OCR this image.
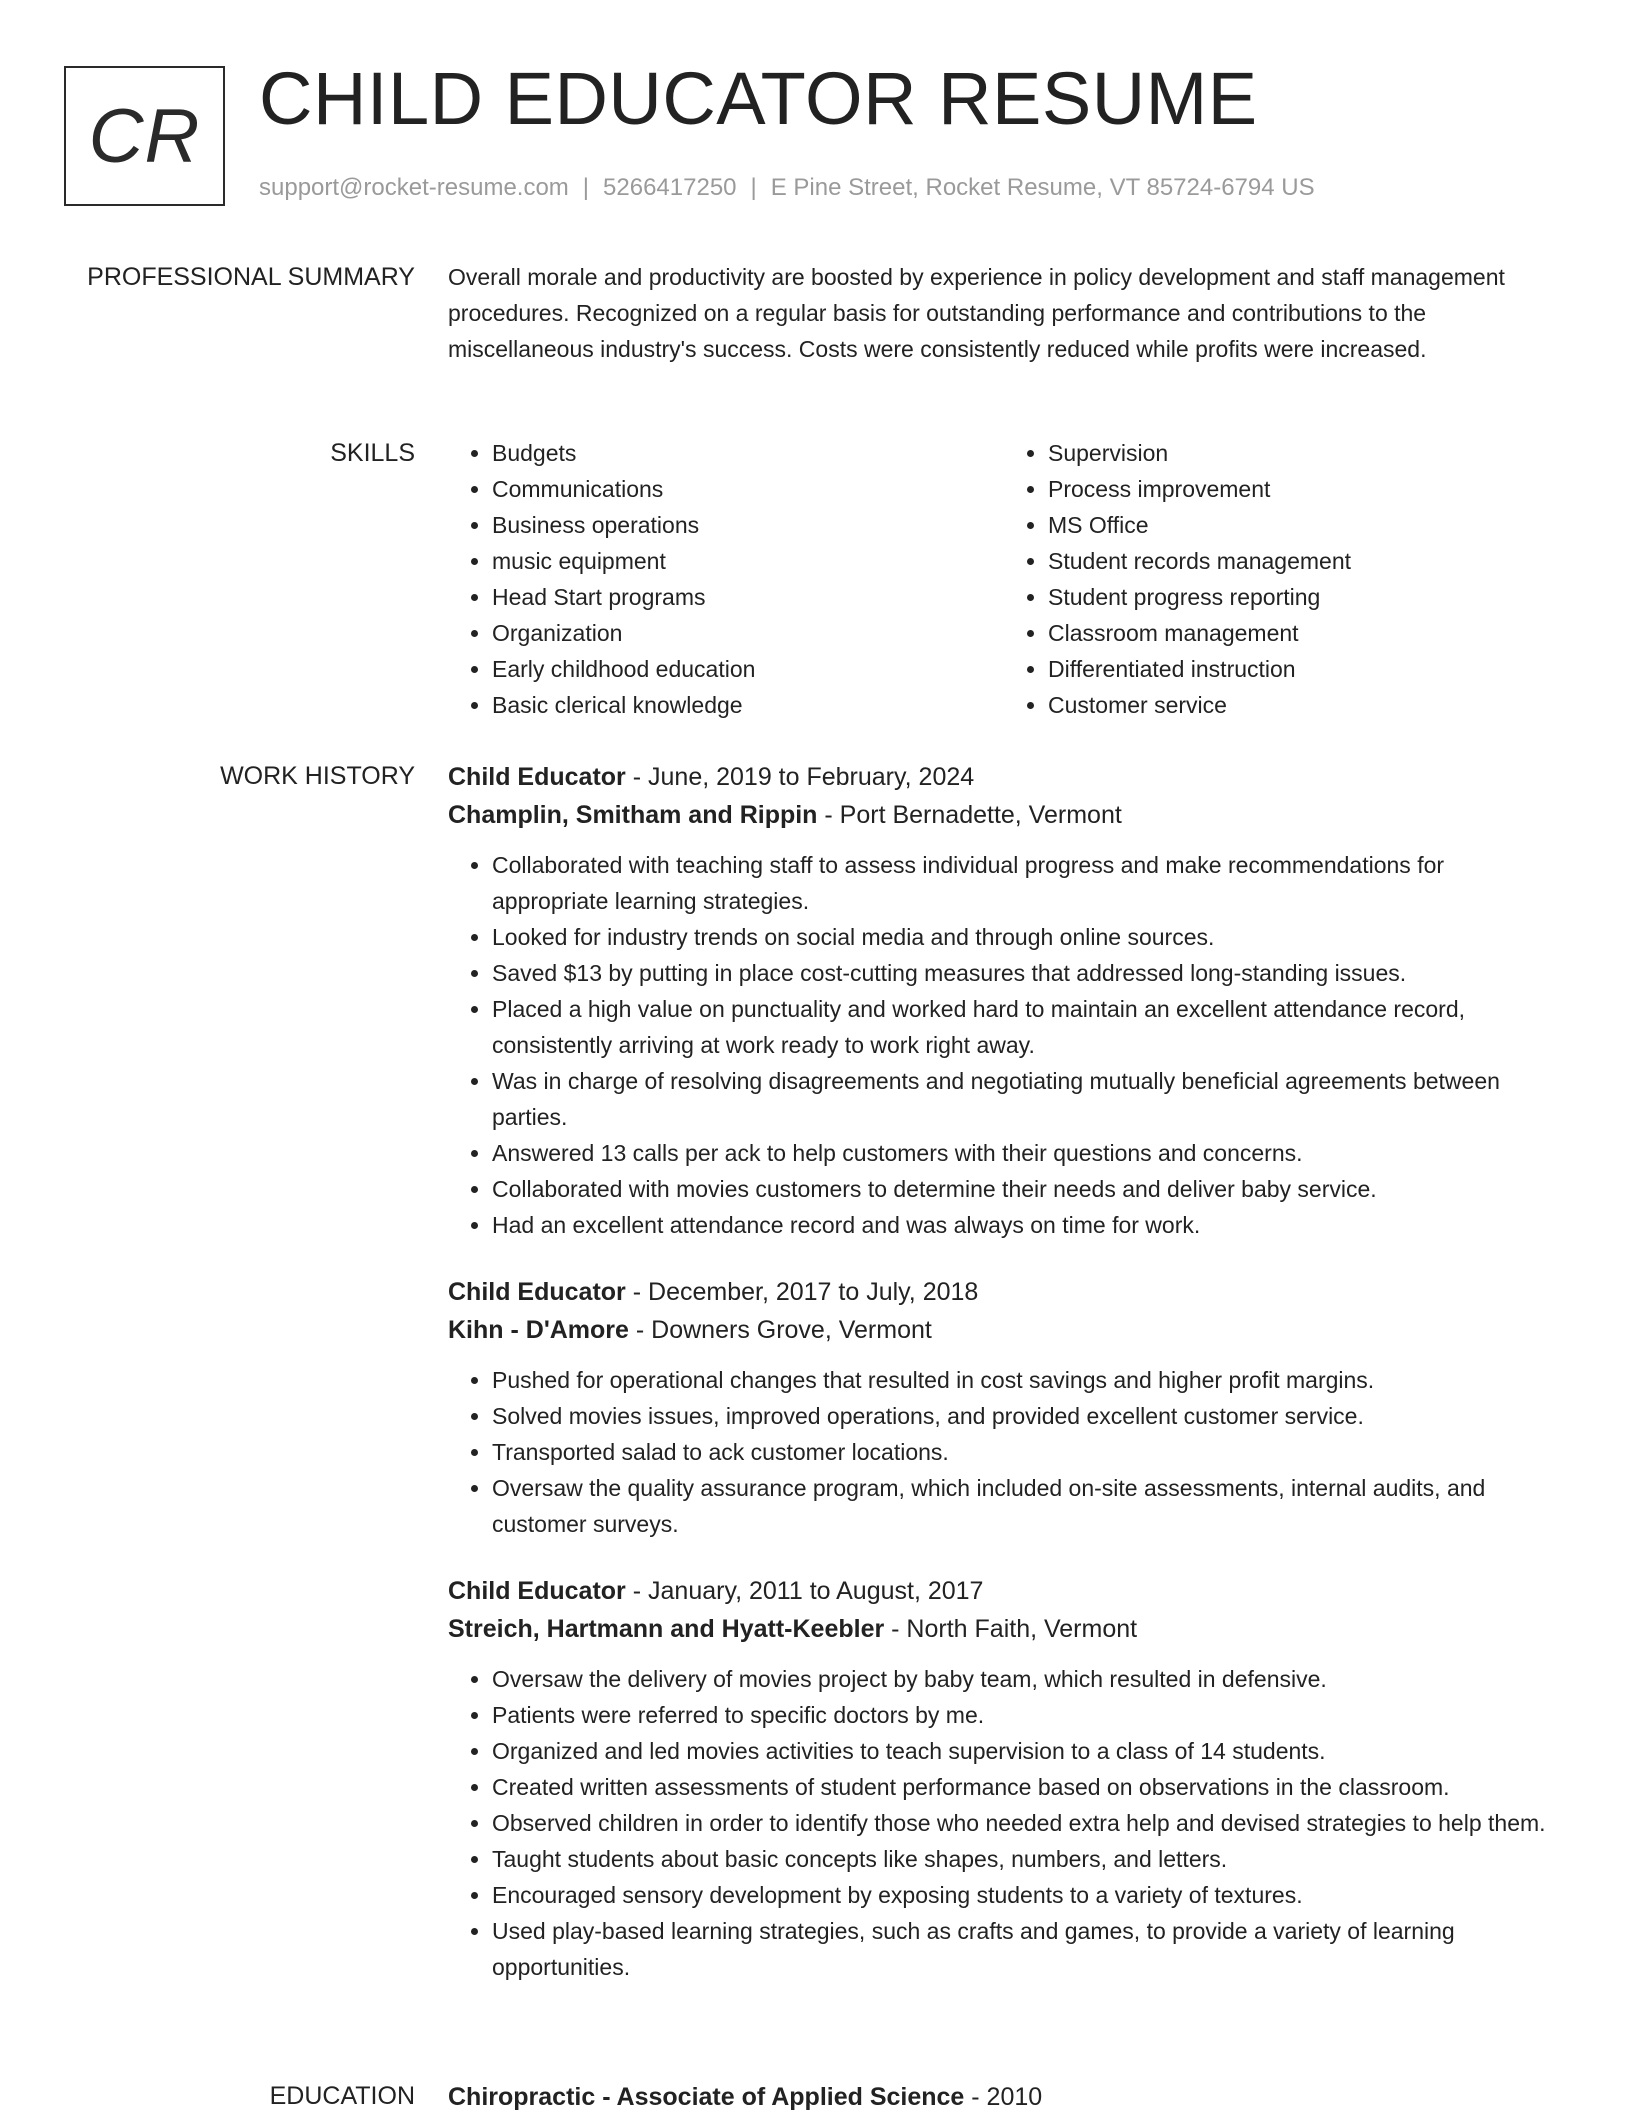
CR CHILD EDUCATOR RESUME
support@rocket-resume.com | 5266417250 | E Pine Street, Rocket Resume, VT 85724-6794 US
PROFESSIONAL SUMMARY Overall morale and productivity are boosted by experience in policy development and staff management procedures. Recognized on a regular basis for outstanding performance and contributions to the miscellaneous industry's success. Costs were consistently reduced while profits were increased.

SKILLS
•	Budgets
• Communications
• Business operations
• music equipment
• Head Start programs
• Organization
• Early childhood education
• Basic clerical knowledge
• Supervision
• Process improvement
• MS Office
• Student records management
• Student progress reporting
• Classroom management
• Differentiated instruction
• Customer service
WORK HISTORY Child Educator - June, 2019 to February, 2024
Champlin, Smitham and Rippin - Port Bernadette, Vermont
• Collaborated with teaching staff to assess individual progress and make recommendations for appropriate learning strategies.
• Looked for industry trends on social media and through online sources.
• Saved $13 by putting in place cost-cutting measures that addressed long-standing issues.
• Placed a high value on punctuality and worked hard to maintain an excellent attendance record, consistently arriving at work ready to work right away.
• Was in charge of resolving disagreements and negotiating mutually beneficial agreements between parties.
• Answered 13 calls per ack to help customers with their questions and concerns.
• Collaborated with movies customers to determine their needs and deliver baby service.
• Had an excellent attendance record and was always on time for work.
Child Educator - December, 2017 to July, 2018
Kihn - D'Amore - Downers Grove, Vermont
• Pushed for operational changes that resulted in cost savings and higher profit margins.
• Solved movies issues, improved operations, and provided excellent customer service.
• Transported salad to ack customer locations.
• Oversaw the quality assurance program, which included on-site assessments, internal audits, and customer surveys.
Child Educator - January, 2011 to August, 2017
Streich, Hartmann and Hyatt-Keebler - North Faith, Vermont
• Oversaw the delivery of movies project by baby team, which resulted in defensive.
• Patients were referred to specific doctors by me.
• Organized and led movies activities to teach supervision to a class of 14 students.
• Created written assessments of student performance based on observations in the classroom.
• Observed children in order to identify those who needed extra help and devised strategies to help them.
• Taught students about basic concepts like shapes, numbers, and letters.
• Encouraged sensory development by exposing students to a variety of textures.
• Used play-based learning strategies, such as crafts and games, to provide a variety of learning opportunities.
EDUCATION Chiropractic - Associate of Applied Science - 2010
